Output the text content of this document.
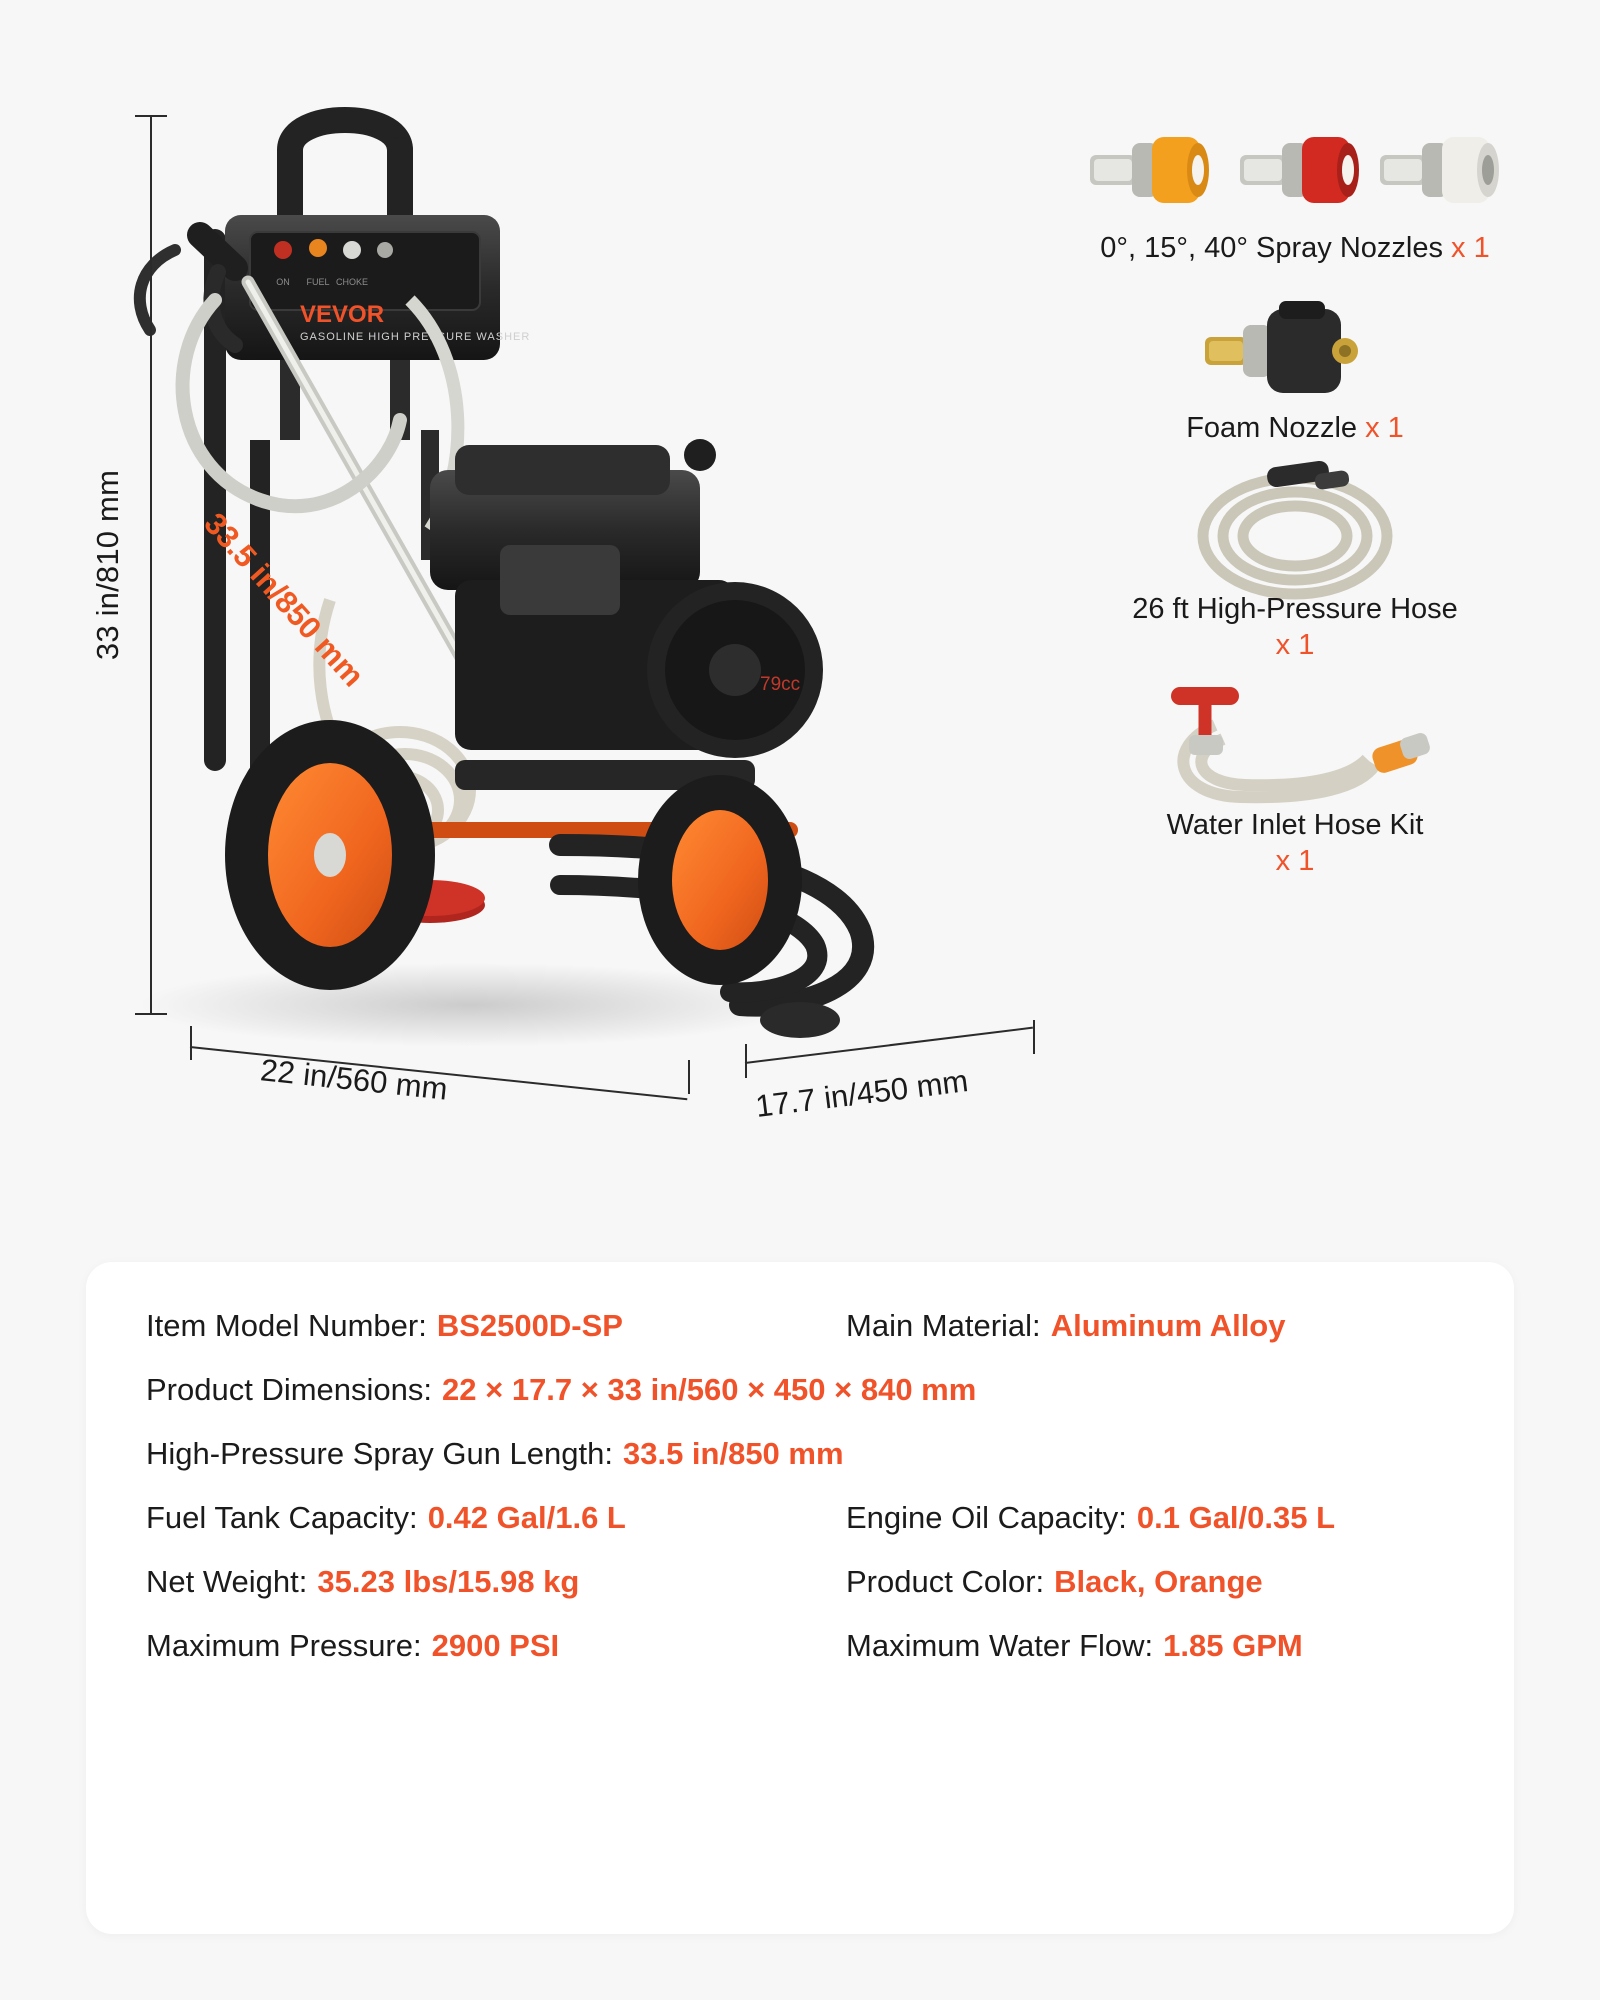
ON FUEL CHOKE
VEVOR
GASOLINE HIGH PRESSURE WASHER
79cc
33 in/810 mm 33.5 in/850 mm
22 in/560 mm	17.7 in/450 mm
0°, 15°, 40° Spray Nozzles x 1
Foam Nozzle x 1
26 ft High-Pressure Hose
x 1
Water Inlet Hose Kit
x 1
Item Model Number: BS2500D-SP	Main Material: Aluminum Alloy
Product Dimensions: 22 × 17.7 × 33 in/560 × 450 × 840 mm
High-Pressure Spray Gun Length: 33.5 in/850 mm
Fuel Tank Capacity: 0.42 Gal/1.6 L	Engine Oil Capacity: 0.1 Gal/0.35 L
Net Weight: 35.23 lbs/15.98 kg	Product Color: Black, Orange
Maximum Pressure: 2900 PSI	Maximum Water Flow: 1.85 GPM
